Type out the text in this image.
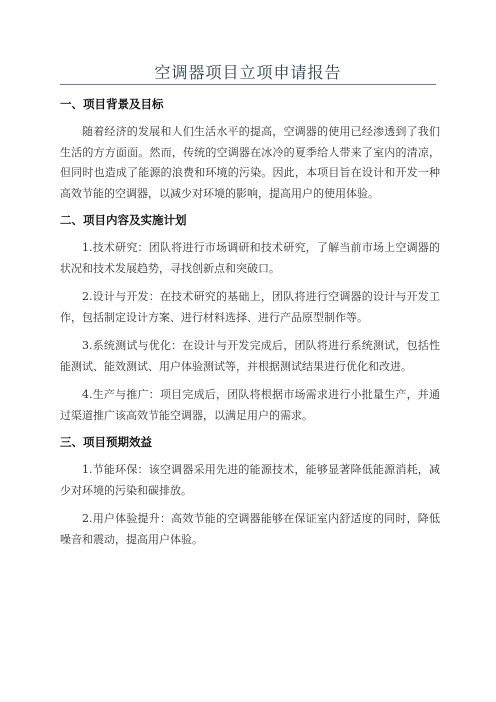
空调器项目立项申请报告
一、项目背景及目标

随着经济的发展和人们生活水平的提高，空调器的使用已经渗透到了我们生活的方方面面。然而，传统的空调器在冰冷的夏季给人带来了室内的清凉，但同时也造成了能源的浪费和环境的污染。因此，本项目旨在设计和开发一种高效节能的空调器，以减少对环境的影响，提高用户的使用体验。

二、项目内容及实施计划

1.技术研究：团队将进行市场调研和技术研究，了解当前市场上空调器的状况和技术发展趋势，寻找创新点和突破口。

2.设计与开发：在技术研究的基础上，团队将进行空调器的设计与开发工作，包括制定设计方案、进行材料选择、进行产品原型制作等。

3.系统测试与优化：在设计与开发完成后，团队将进行系统测试，包括性能测试、能效测试、用户体验测试等，并根据测试结果进行优化和改进。

4.生产与推广：项目完成后，团队将根据市场需求进行小批量生产，并通过渠道推广该高效节能空调器，以满足用户的需求。

三、项目预期效益

1.节能环保：该空调器采用先进的能源技术，能够显著降低能源消耗，减少对环境的污染和碳排放。

2.用户体验提升：高效节能的空调器能够在保证室内舒适度的同时，降低噪音和震动，提高用户体验。
